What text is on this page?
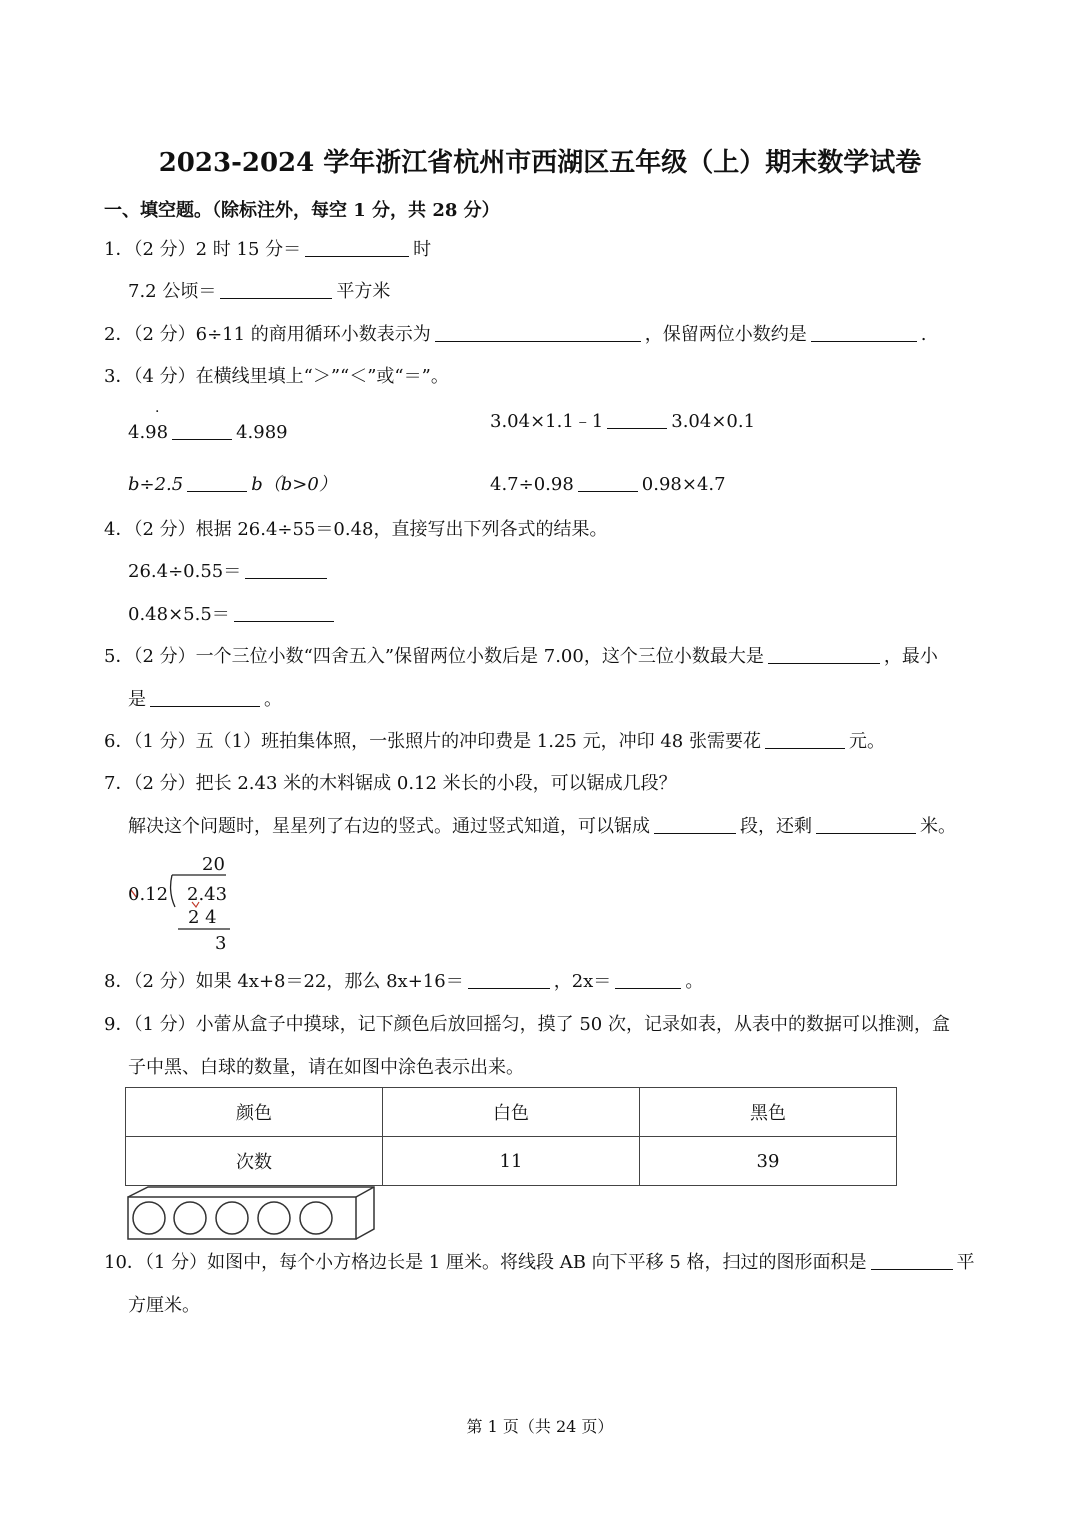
2023-2024 学年浙江省杭州市西湖区五年级（上）期末数学试卷
一、填空题。（除标注外，每空 1 分，共 28 分）
1．（2 分）2 时 15 分＝	时
7.2 公顷＝	平方米
2．（2 分）6÷11 的商用循环小数表示为	，保留两位小数约是	.
3．（4 分）在横线里填上“＞”“＜”或“＝”。
·
4.98	4.989
3.04×1.1﹣1	3.04×0.1
b÷2.5	b（b>0）	4.7÷0.98	0.98×4.7
4．（2 分）根据 26.4÷55＝0.48，直接写出下列各式的结果。
26.4÷0.55＝
0.48×5.5＝
5．（2 分）一个三位小数“四舍五入”保留两位小数后是 7.00，这个三位小数最大是	，最小
是	。
6．（1 分）五（1）班拍集体照，一张照片的冲印费是 1.25 元，冲印 48 张需要花	元。
7．（2 分）把长 2.43 米的木料锯成 0.12 米长的小段，可以锯成几段？
解决这个问题时，星星列了右边的竖式。通过竖式知道，可以锯成	段，还剩	米。
20
0.12 2.43
2 4
3
8．（2 分）如果 4x+8＝22，那么 8x+16＝	，2x＝	。
9．（1 分）小蕾从盒子中摸球，记下颜色后放回摇匀，摸了 50 次，记录如表，从表中的数据可以推测，盒
子中黑、白球的数量，请在如图中涂色表示出来。
颜色	白色	黑色
次数	11	39
10．（1 分）如图中，每个小方格边长是 1 厘米。将线段 AB 向下平移 5 格，扫过的图形面积是	平
方厘米。
第 1 页（共 24 页）
